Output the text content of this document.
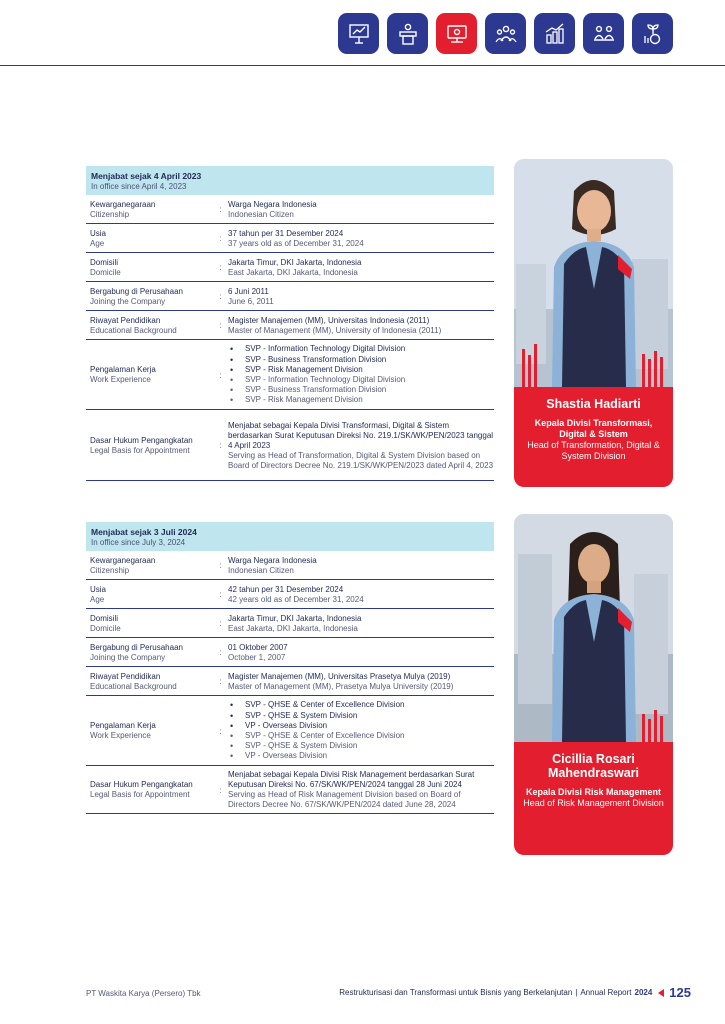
Menjabat sejak 4 April 2023
In office since April 4, 2023
Kewarganegaraan
Citizenship	:
Warga Negara Indonesia
Indonesian Citizen
Usia
Age	:
37 tahun per 31 Desember 2024
37 years old as of December 31, 2024
Domisili
Domicile	:
Jakarta Timur, DKI Jakarta, Indonesia
East Jakarta, DKI Jakarta, Indonesia
Bergabung di Perusahaan
Joining the Company	:
6 Juni 2011
June 6, 2011
Riwayat Pendidikan
Educational Background	:
Magister Manajemen (MM), Universitas Indonesia (2011)
Master of Management (MM), University of Indonesia (2011)
Pengalaman Kerja
Work Experience	:
• SVP - Information Technology Digital Division
• SVP - Business Transformation Division
• SVP - Risk Management Division
• SVP - Information Technology Digital Division
• SVP - Business Transformation Division
• SVP - Risk Management Division
Dasar Hukum Pengangkatan
Legal Basis for Appointment	:
Menjabat sebagai Kepala Divisi Transformasi, Digital & Sistem berdasarkan Surat Keputusan Direksi No. 219.1/SK/WK/PEN/2023 tanggal 4 April 2023
Serving as Head of Transformation, Digital & System Division based on Board of Directors Decree No. 219.1/SK/WK/PEN/2023 dated April 4, 2023
Shastia Hadiarti
Kepala Divisi Transformasi, Digital & Sistem
Head of Transformation, Digital & System Division
Menjabat sejak 3 Juli 2024
In office since July 3, 2024
Kewarganegaraan
Citizenship	:
Warga Negara Indonesia
Indonesian Citizen
Usia
Age	:
42 tahun per 31 Desember 2024
42 years old as of December 31, 2024
Domisili
Domicile	:
Jakarta Timur, DKI Jakarta, Indonesia
East Jakarta, DKI Jakarta, Indonesia
Bergabung di Perusahaan
Joining the Company	:
01 Oktober 2007
October 1, 2007
Riwayat Pendidikan
Educational Background	:
Magister Manajemen (MM), Universitas Prasetya Mulya (2019)
Master of Management (MM), Prasetya Mulya University (2019)
Pengalaman Kerja
Work Experience	:
• SVP - QHSE & Center of Excellence Division
• SVP - QHSE & System Division
• VP - Overseas Division
• SVP - QHSE & Center of Excellence Division
• SVP - QHSE & System Division
• VP - Overseas Division
Dasar Hukum Pengangkatan
Legal Basis for Appointment	:
Menjabat sebagai Kepala Divisi Risk Management berdasarkan Surat Keputusan Direksi No. 67/SK/WK/PEN/2024 tanggal 28 Juni 2024
Serving as Head of Risk Management Division based on Board of Directors Decree No. 67/SK/WK/PEN/2024 dated June 28, 2024
Cicillia Rosari Mahendraswari
Kepala Divisi Risk Management
Head of Risk Management Division
PT Waskita Karya (Persero) Tbk	Restrukturisasi dan Transformasi untuk Bisnis yang Berkelanjutan | Annual Report 2024 125
